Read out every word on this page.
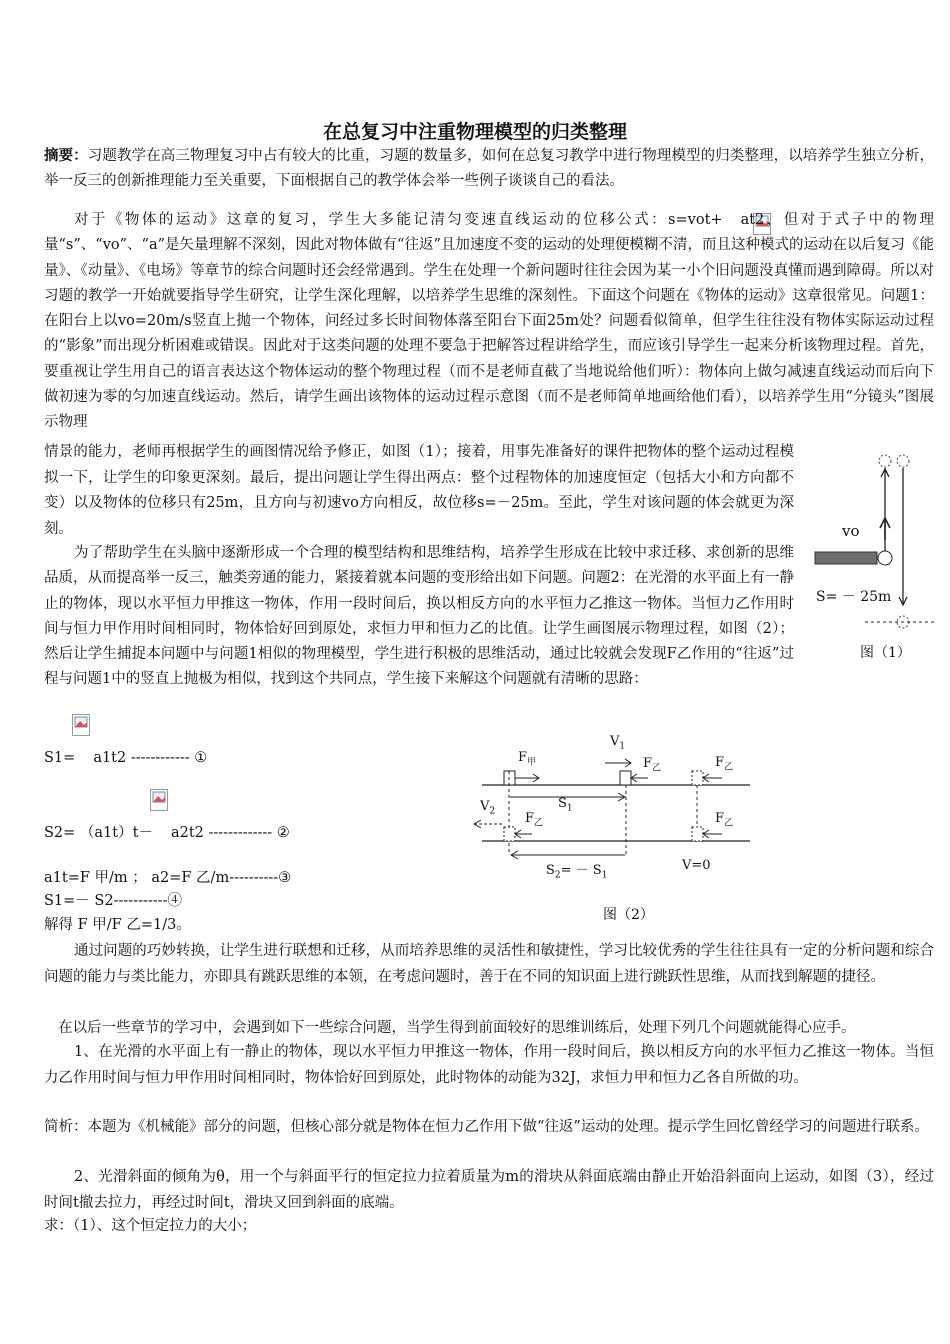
在总复习中注重物理模型的归类整理
摘要：习题教学在高三物理复习中占有较大的比重，习题的数量多，如何在总复习教学中进行物理模型的归类整理，以培养学生独立分析，举一反三的创新推理能力至关重要，下面根据自己的教学体会举一些例子谈谈自己的看法。
对于《物体的运动》这章的复习，学生大多能记清匀变速直线运动的位移公式：s=vot+ at2，但对于式子中的物理量“s”、“vo”、“a”是矢量理解不深刻，因此对物体做有“往返”且加速度不变的运动的处理便模糊不清，而且这种模式的运动在以后复习《能量》、《动量》、《电场》等章节的综合问题时还会经常遇到。学生在处理一个新问题时往往会因为某一小个旧问题没真懂而遇到障碍。所以对习题的教学一开始就要指导学生研究，让学生深化理解，以培养学生思维的深刻性。下面这个问题在《物体的运动》这章很常见。问题1：在阳台上以vo=20m/s竖直上抛一个物体，问经过多长时间物体落至阳台下面25m处？问题看似简单，但学生往往没有物体实际运动过程的“影象”而出现分析困难或错误。因此对于这类问题的处理不要急于把解答过程讲给学生，而应该引导学生一起来分析该物理过程。首先，要重视让学生用自己的语言表达这个物体运动的整个物理过程（而不是老师直截了当地说给他们听）：物体向上做匀减速直线运动而后向下做初速为零的匀加速直线运动。然后，请学生画出该物体的运动过程示意图（而不是老师简单地画给他们看），以培养学生用“分镜头”图展示物理
情景的能力，老师再根据学生的画图情况给予修正，如图（1）；接着，用事先准备好的课件把物体的整个运动过程模拟一下，让学生的印象更深刻。最后，提出问题让学生得出两点：整个过程物体的加速度恒定（包括大小和方向都不变）以及物体的位移只有25m，且方向与初速vo方向相反，故位移s=－25m。至此，学生对该问题的体会就更为深刻。	vo
S= － 25m
图（1）
为了帮助学生在头脑中逐渐形成一个合理的模型结构和思维结构，培养学生形成在比较中求迁移、求创新的思维品质，从而提高举一反三，触类旁通的能力，紧接着就本问题的变形给出如下问题。问题2：在光滑的水平面上有一静止的物体，现以水平恒力甲推这一物体，作用一段时间后，换以相反方向的水平恒力乙推这一物体。当恒力乙作用时间与恒力甲作用时间相同时，物体恰好回到原处，求恒力甲和恒力乙的比值。让学生画图展示物理过程，如图（2）；然后让学生捕捉本问题中与问题1相似的物理模型，学生进行积极的思维活动，通过比较就会发现F乙作用的“往返”过程与问题1中的竖直上抛极为相似，找到这个共同点，学生接下来解这个问题就有清晰的思路：
S1= a1t2 ------------ ①
S2= （a1t）t－ a2t2 ------------- ②
a1t=F 甲/m ； a2=F 乙/m----------③
S1=－ S2-----------④
解得 F 甲/F 乙=1/3。
$F_甲$
$V_1$
$F_乙$	$F_乙$
$S_1$
$V_2$ $F_乙$	$F_乙$
$S_2= - S_1$
V=0
图（2）
通过问题的巧妙转换，让学生进行联想和迁移，从而培养思维的灵活性和敏捷性，学习比较优秀的学生往往具有一定的分析问题和综合问题的能力与类比能力，亦即具有跳跃思维的本领，在考虑问题时，善于在不同的知识面上进行跳跃性思维，从而找到解题的捷径。
在以后一些章节的学习中，会遇到如下一些综合问题，当学生得到前面较好的思维训练后，处理下列几个问题就能得心应手。
1、在光滑的水平面上有一静止的物体，现以水平恒力甲推这一物体，作用一段时间后，换以相反方向的水平恒力乙推这一物体。当恒力乙作用时间与恒力甲作用时间相同时，物体恰好回到原处，此时物体的动能为32J，求恒力甲和恒力乙各自所做的功。
简析：本题为《机械能》部分的问题，但核心部分就是物体在恒力乙作用下做“往返”运动的处理。提示学生回忆曾经学习的问题进行联系。
2、光滑斜面的倾角为θ，用一个与斜面平行的恒定拉力拉着质量为m的滑块从斜面底端由静止开始沿斜面向上运动，如图（3），经过时间t撤去拉力，再经过时间t，滑块又回到斜面的底端。
求：（1）、这个恒定拉力的大小；
